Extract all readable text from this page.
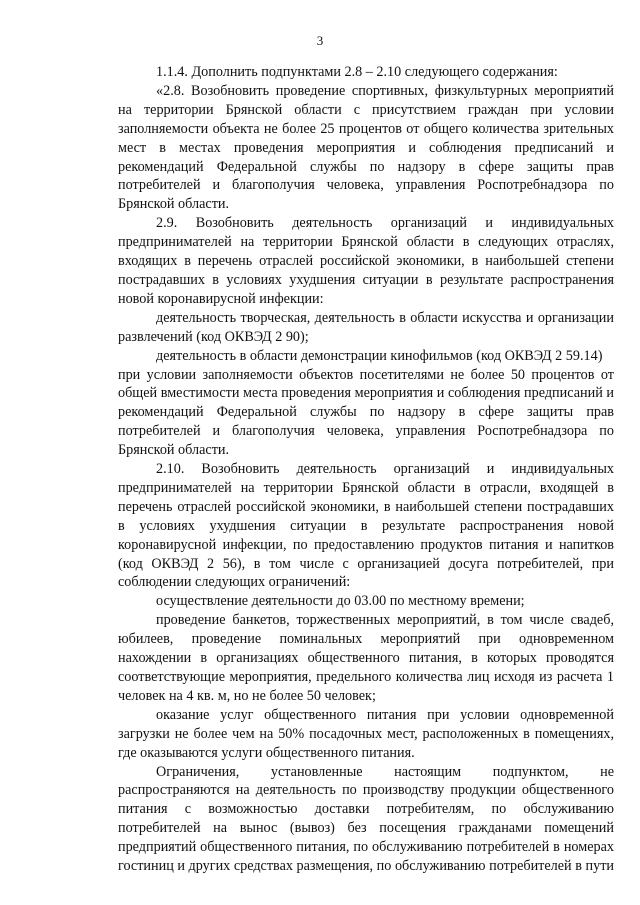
3

1.1.4. Дополнить подпунктами 2.8 – 2.10 следующего содержания:

«2.8. Возобновить проведение спортивных, физкультурных мероприятий на территории Брянской области с присутствием граждан при условии заполняемости объекта не более 25 процентов от общего количества зрительных мест в местах проведения мероприятия и соблюдения предписаний и рекомендаций Федеральной службы по надзору в сфере защиты прав потребителей и благополучия человека, управления Роспотребнадзора по Брянской области.

2.9. Возобновить деятельность организаций и индивидуальных предпринимателей на территории Брянской области в следующих отраслях, входящих в перечень отраслей российской экономики, в наибольшей степени пострадавших в условиях ухудшения ситуации в результате распространения новой коронавирусной инфекции:

деятельность творческая, деятельность в области искусства и организации развлечений (код ОКВЭД 2 90);

деятельность в области демонстрации кинофильмов (код ОКВЭД 2 59.14)

при условии заполняемости объектов посетителями не более 50 процентов от общей вместимости места проведения мероприятия и соблюдения предписаний и рекомендаций Федеральной службы по надзору в сфере защиты прав потребителей и благополучия человека, управления Роспотребнадзора по Брянской области.

2.10. Возобновить деятельность организаций и индивидуальных предпринимателей на территории Брянской области в отрасли, входящей в перечень отраслей российской экономики, в наибольшей степени пострадавших в условиях ухудшения ситуации в результате распространения новой коронавирусной инфекции, по предоставлению продуктов питания и напитков (код ОКВЭД 2 56), в том числе с организацией досуга потребителей, при соблюдении следующих ограничений:

осуществление деятельности до 03.00 по местному времени;

проведение банкетов, торжественных мероприятий, в том числе свадеб, юбилеев, проведение поминальных мероприятий при одновременном нахождении в организациях общественного питания, в которых проводятся соответствующие мероприятия, предельного количества лиц исходя из расчета 1 человек на 4 кв. м, но не более 50 человек;

оказание услуг общественного питания при условии одновременной загрузки не более чем на 50% посадочных мест, расположенных в помещениях, где оказываются услуги общественного питания.

Ограничения, установленные настоящим подпунктом, не распространяются на деятельность по производству продукции общественного питания с возможностью доставки потребителям, по обслуживанию потребителей на вынос (вывоз) без посещения гражданами помещений предприятий общественного питания, по обслуживанию потребителей в номерах гостиниц и других средствах размещения, по обслуживанию потребителей в пути
